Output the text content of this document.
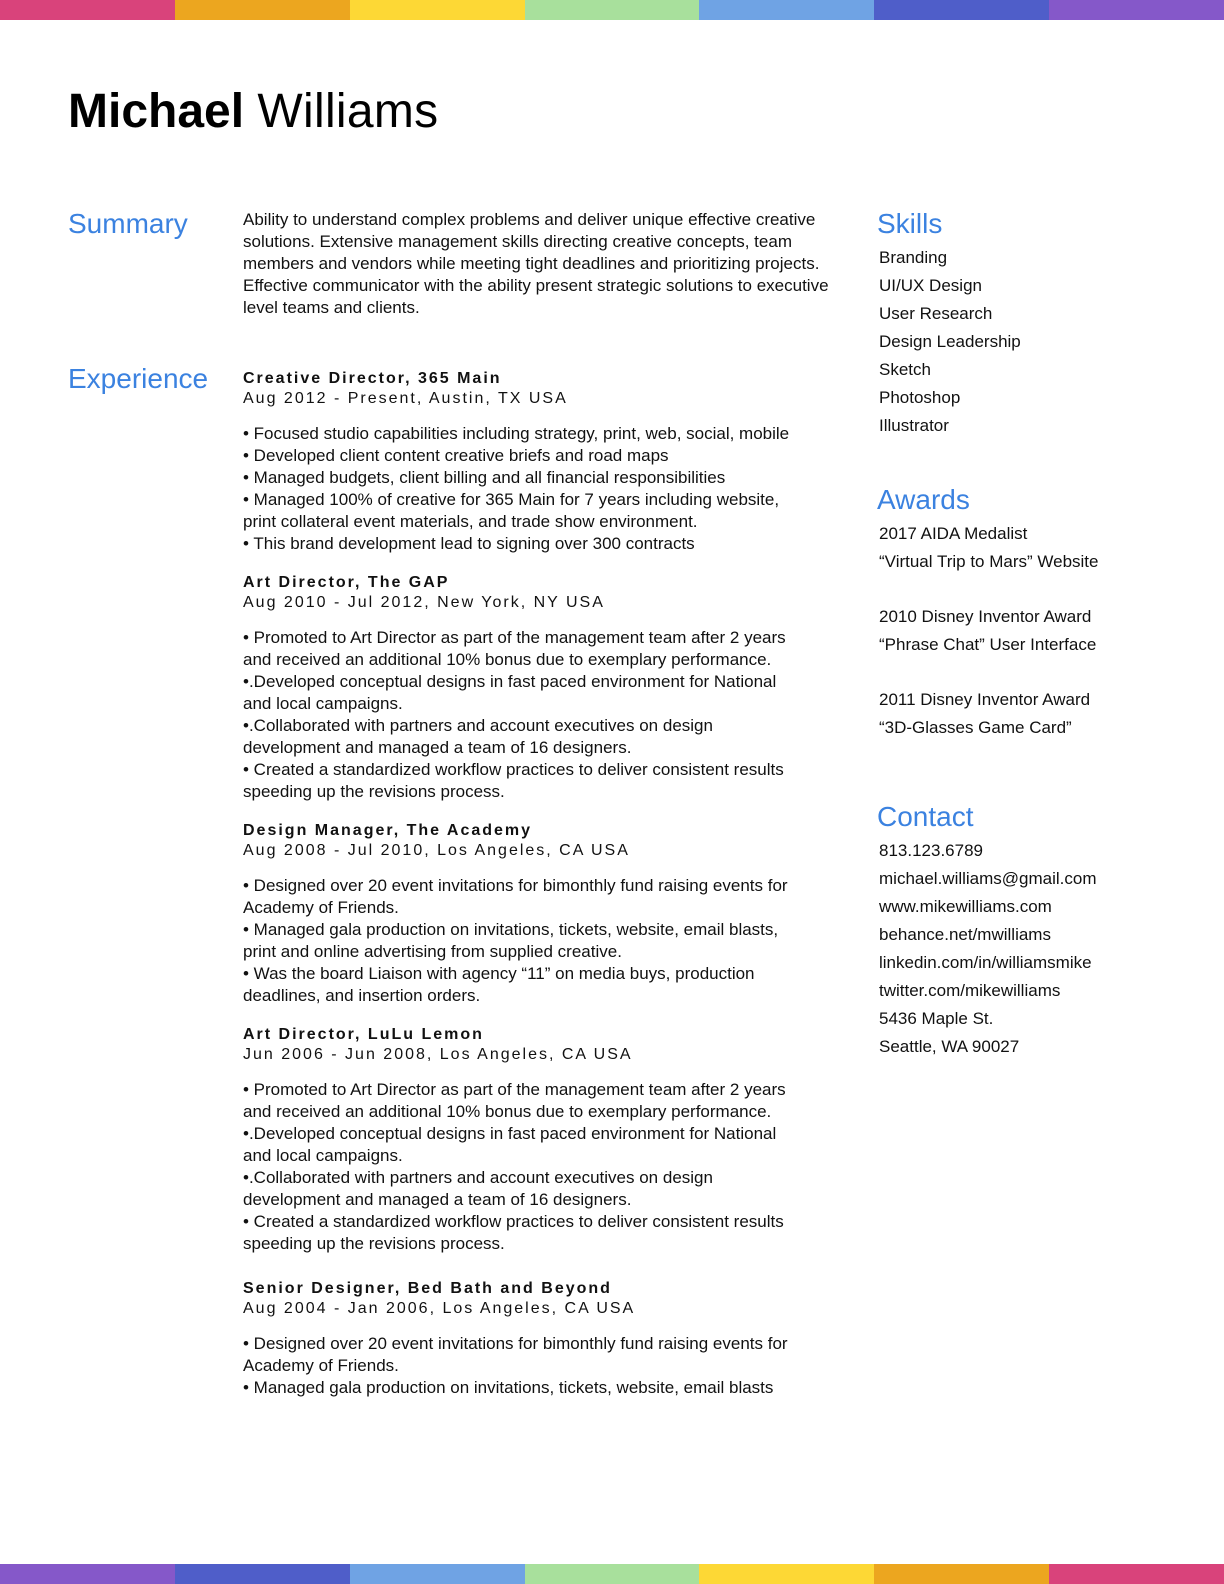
Michael Williams
Summary	Ability to understand complex problems and deliver unique effective creative solutions. Extensive management skills directing creative concepts, team members and vendors while meeting tight deadlines and prioritizing projects. Effective communicator with the ability present strategic solutions to executive level teams and clients.

Experience Creative Director, 365 Main
Aug 2012 - Present, Austin, TX USA
• Focused studio capabilities including strategy, print, web, social, mobile
• Developed client content creative briefs and road maps
• Managed budgets, client billing and all financial responsibilities
• Managed 100% of creative for 365 Main for 7 years including website,
print collateral event materials, and trade show environment.
• This brand development lead to signing over 300 contracts
Art Director, The GAP
Aug 2010 - Jul 2012, New York, NY USA
• Promoted to Art Director as part of the management team after 2 years
and received an additional 10% bonus due to exemplary performance.
•.Developed conceptual designs in fast paced environment for National
and local campaigns.
•.Collaborated with partners and account executives on design
development and managed a team of 16 designers.
• Created a standardized workflow practices to deliver consistent results
speeding up the revisions process.
Design Manager, The Academy
Aug 2008 - Jul 2010, Los Angeles, CA USA
• Designed over 20 event invitations for bimonthly fund raising events for
Academy of Friends.
• Managed gala production on invitations, tickets, website, email blasts,
print and online advertising from supplied creative.
• Was the board Liaison with agency “11” on media buys, production
deadlines, and insertion orders.
Art Director, LuLu Lemon
Jun 2006 - Jun 2008, Los Angeles, CA USA
• Promoted to Art Director as part of the management team after 2 years
and received an additional 10% bonus due to exemplary performance.
•.Developed conceptual designs in fast paced environment for National
and local campaigns.
•.Collaborated with partners and account executives on design
development and managed a team of 16 designers.
• Created a standardized workflow practices to deliver consistent results
speeding up the revisions process.
Senior Designer, Bed Bath and Beyond
Aug 2004 - Jan 2006, Los Angeles, CA USA
• Designed over 20 event invitations for bimonthly fund raising events for
Academy of Friends.
• Managed gala production on invitations, tickets, website, email blasts
Skills
Branding
UI/UX Design
User Research
Design Leadership
Sketch
Photoshop
Illustrator
Awards
2017 AIDA Medalist
“Virtual Trip to Mars” Website
2010 Disney Inventor Award
“Phrase Chat” User Interface
2011 Disney Inventor Award
“3D-Glasses Game Card”
Contact
813.123.6789
michael.williams@gmail.com
www.mikewilliams.com
behance.net/mwilliams
linkedin.com/in/williamsmike
twitter.com/mikewilliams
5436 Maple St.
Seattle, WA 90027
